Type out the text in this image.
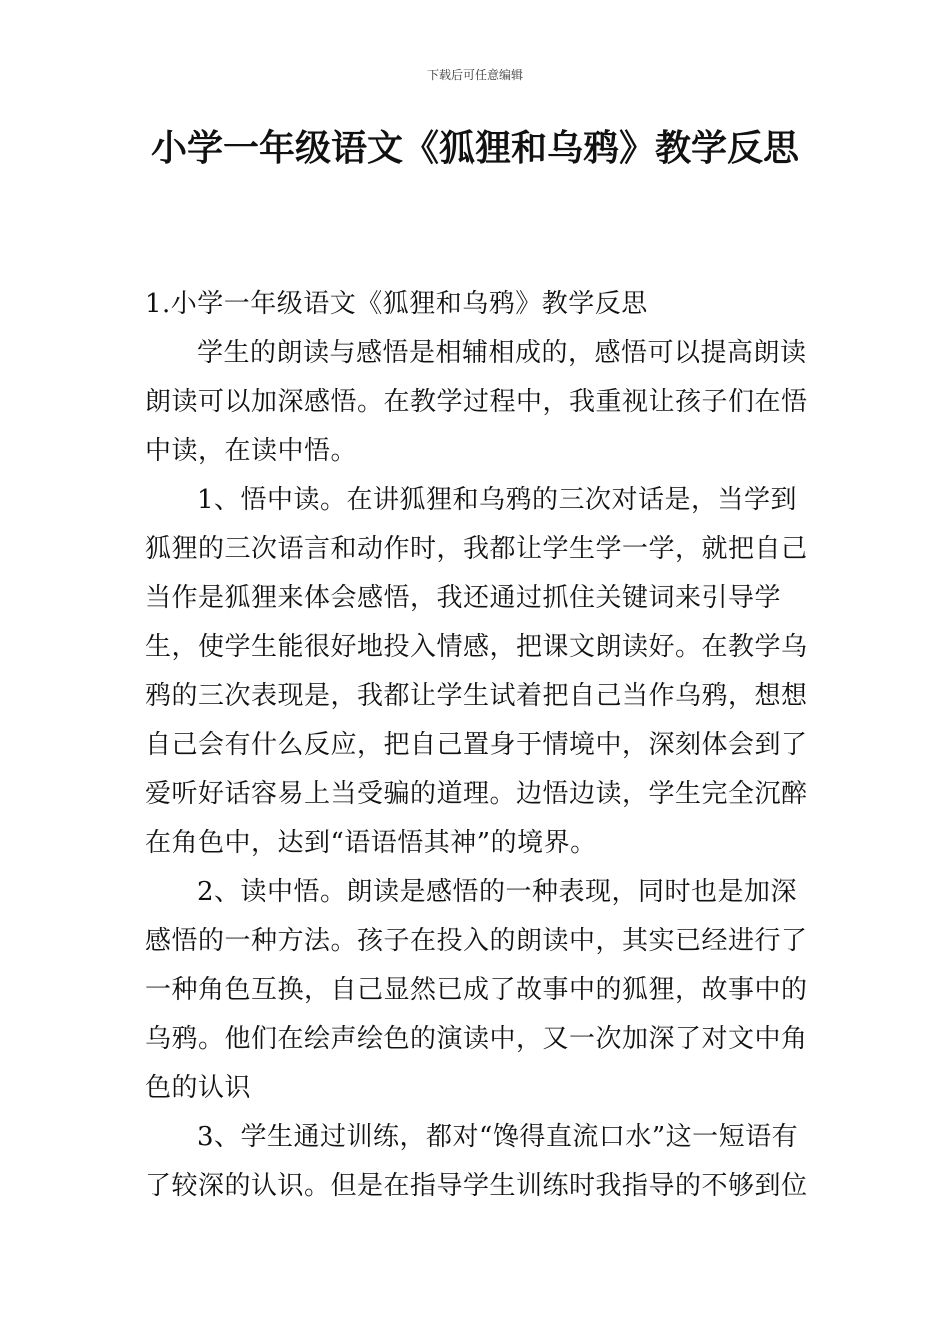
下载后可任意编辑
小学一年级语文《狐狸和乌鸦》教学反思

1.小学一年级语文《狐狸和乌鸦》教学反思

学生的朗读与感悟是相辅相成的，感悟可以提高朗读朗读可以加深感悟。在教学过程中，我重视让孩子们在悟中读，在读中悟。

1、悟中读。在讲狐狸和乌鸦的三次对话是，当学到狐狸的三次语言和动作时，我都让学生学一学，就把自己当作是狐狸来体会感悟，我还通过抓住关键词来引导学生，使学生能很好地投入情感，把课文朗读好。在教学乌鸦的三次表现是，我都让学生试着把自己当作乌鸦，想想自己会有什么反应，把自己置身于情境中，深刻体会到了爱听好话容易上当受骗的道理。边悟边读，学生完全沉醉在角色中，达到“语语悟其神”的境界。

2、读中悟。朗读是感悟的一种表现，同时也是加深感悟的一种方法。孩子在投入的朗读中，其实已经进行了一种角色互换，自己显然已成了故事中的狐狸，故事中的乌鸦。他们在绘声绘色的演读中，又一次加深了对文中角色的认识

3、学生通过训练，都对“馋得直流口水”这一短语有了较深的认识。但是在指导学生训练时我指导的不够到位
